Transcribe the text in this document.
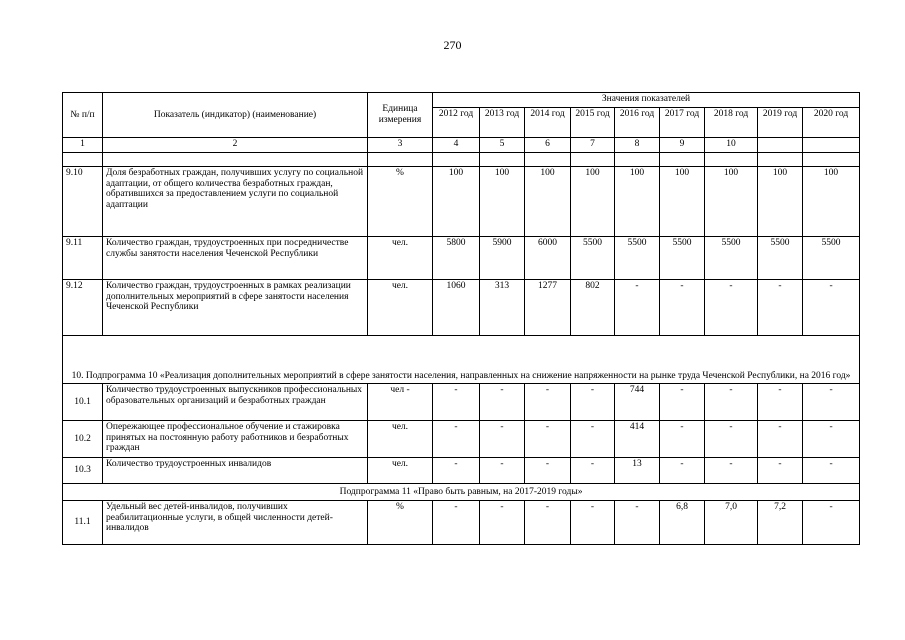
270
№ п/п	Показатель (индикатор) (наименование)	Единица измерения	Значения показателей								
			2012 год	2013 год	2014 год	2015 год	2016 год	2017 год	2018 год	2019 год	2020 год
1	2	3	4	5	6	7	8	9	10		

9.10	Доля безработных граждан, получивших услугу по социальной адаптации, от общего количества безработных граждан, обратившихся за предоставлением услуги по социальной адаптации	%	100	100	100	100	100	100	100	100	100
9.11	Количество граждан, трудоустроенных при посредничестве службы занятости населения Чеченской Республики	чел.	5800	5900	6000	5500	5500	5500	5500	5500	5500
9.12	Количество граждан, трудоустроенных в рамках реализации дополнительных мероприятий в сфере занятости населения Чеченской Республики	чел.	1060	313	1277	802	-	-	-	-	-
10. Подпрограмма 10 «Реализация дополнительных мероприятий в сфере занятости населения, направленных на снижение напряженности на рынке труда Чеченской Республики, на 2016 год»											
10.1	Количество трудоустроенных выпускников профессиональных образовательных организаций и безработных граждан	чел -	-	-	-	-	744	-	-	-	-
10.2	Опережающее профессиональное обучение и стажировка принятых на постоянную работу работников и безработных граждан	чел.	-	-	-	-	414	-	-	-	-
10.3	Количество трудоустроенных инвалидов	чел.	-	-	-	-	13	-	-	-	-
Подпрограмма 11 «Право быть равным, на 2017-2019 годы»											
11.1	Удельный вес детей-инвалидов, получивших реабилитационные услуги, в общей численности детей-инвалидов	%	-	-	-	-	-	6,8	7,0	7,2	-
